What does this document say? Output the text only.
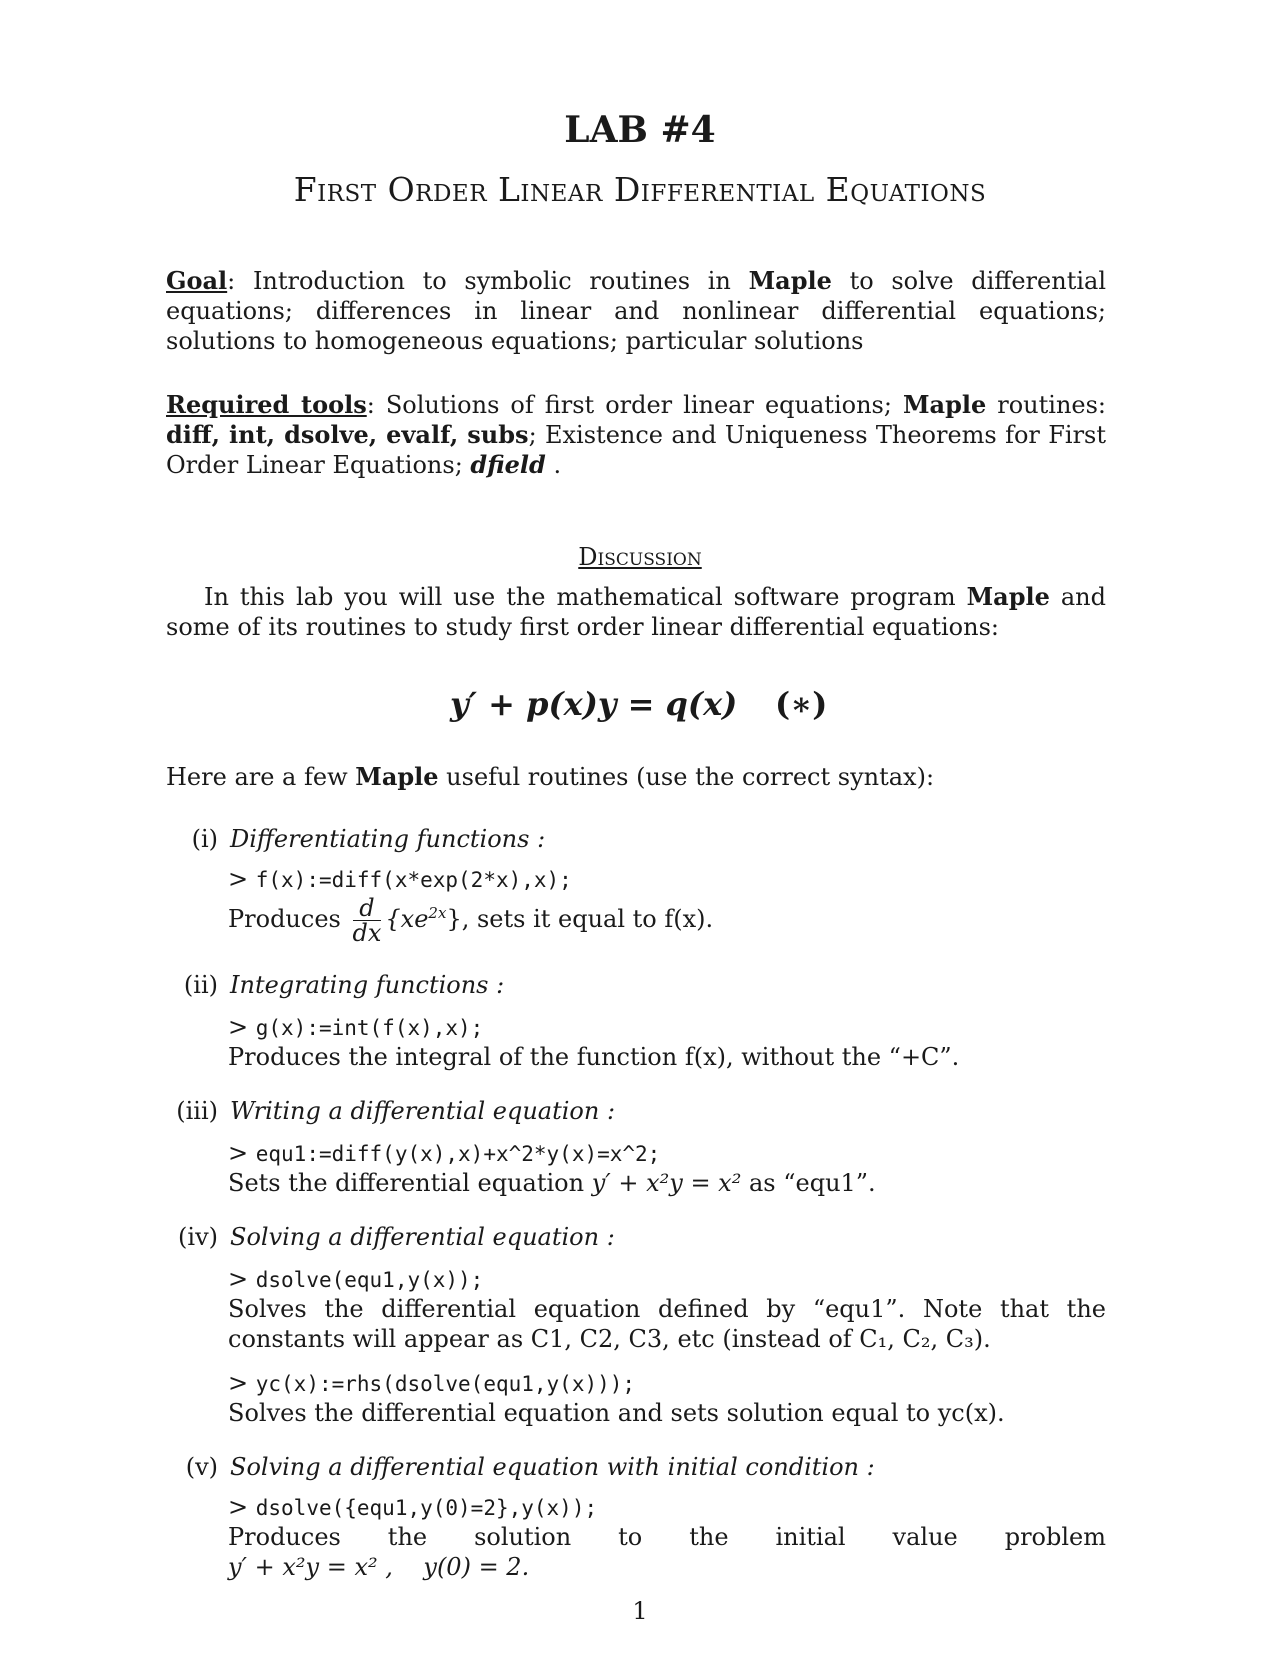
LAB #4
First Order Linear Differential Equations
Goal: Introduction to symbolic routines in Maple to solve differential equations; differences in linear and nonlinear differential equations; solutions to homogeneous equations; particular solutions
Required tools: Solutions of first order linear equations; Maple routines: diff, int, dsolve, evalf, subs; Existence and Uniqueness Theorems for First Order Linear Equations; dfield .
Discussion
In this lab you will use the mathematical software program Maple and some of its routines to study first order linear differential equations:
y′ + p(x)y = q(x) (∗)
Here are a few Maple useful routines (use the correct syntax):
(i) Differentiating functions :
> f(x):=diff(x*exp(2*x),x);
Produces $\frac{d}{dx} \{xe^{2x}\}$, sets it equal to f(x).
(ii) Integrating functions :
> g(x):=int(f(x),x);
Produces the integral of the function f(x), without the “+C”.
(iii) Writing a differential equation :
> equ1:=diff(y(x),x)+x^2*y(x)=x^2;
Sets the differential equation y′ + x²y = x² as “equ1”.
(iv) Solving a differential equation :
> dsolve(equ1,y(x));
Solves the differential equation defined by “equ1”. Note that the constants will appear as C1, C2, C3, etc (instead of C₁, C₂, C₃).
> yc(x):=rhs(dsolve(equ1,y(x)));
Solves the differential equation and sets solution equal to yc(x).
(v) Solving a differential equation with initial condition :
> dsolve({equ1,y(0)=2},y(x));
Produces the solution to the initial value problem y′ + x²y = x² ,    y(0) = 2.
1
